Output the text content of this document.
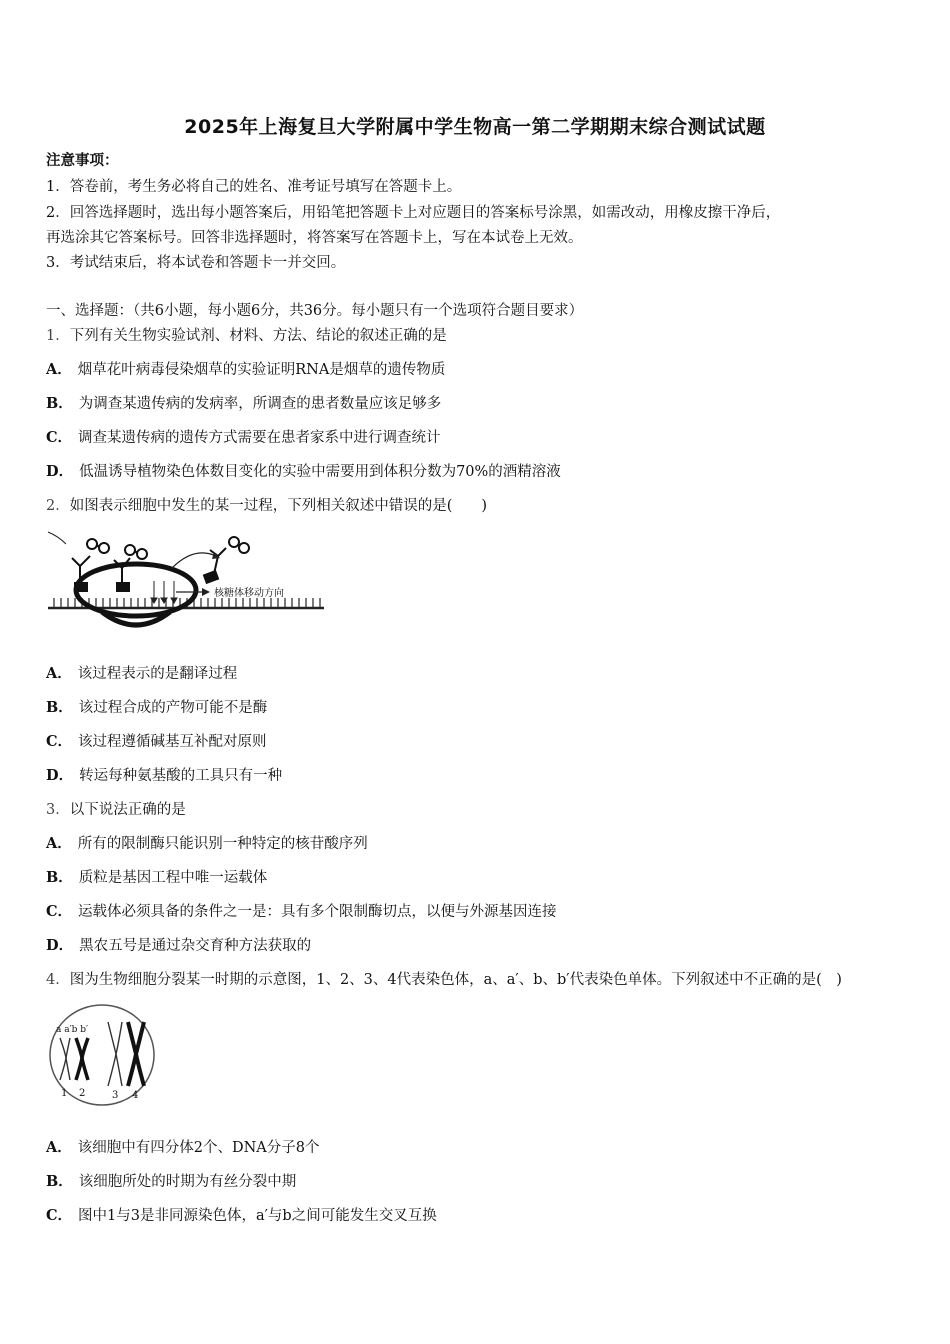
2025年上海复旦大学附属中学生物高一第二学期期末综合测试试题
注意事项：
1．答卷前，考生务必将自己的姓名、准考证号填写在答题卡上。
2．回答选择题时，选出每小题答案后，用铅笔把答题卡上对应题目的答案标号涂黑，如需改动，用橡皮擦干净后，
再选涂其它答案标号。回答非选择题时，将答案写在答题卡上，写在本试卷上无效。
3．考试结束后，将本试卷和答题卡一并交回。
一、选择题：（共6小题，每小题6分，共36分。每小题只有一个选项符合题目要求）
1．下列有关生物实验试剂、材料、方法、结论的叙述正确的是
A． 烟草花叶病毒侵染烟草的实验证明RNA是烟草的遗传物质
B． 为调查某遗传病的发病率，所调查的患者数量应该足够多
C． 调查某遗传病的遗传方式需要在患者家系中进行调查统计
D． 低温诱导植物染色体数目变化的实验中需要用到体积分数为70%的酒精溶液
2．如图表示细胞中发生的某一过程，下列相关叙述中错误的是(　　)
核糖体移动方向
A． 该过程表示的是翻译过程
B． 该过程合成的产物可能不是酶
C． 该过程遵循碱基互补配对原则
D． 转运每种氨基酸的工具只有一种
3．以下说法正确的是
A． 所有的限制酶只能识别一种特定的核苷酸序列
B． 质粒是基因工程中唯一运载体
C． 运载体必须具备的条件之一是：具有多个限制酶切点，以便与外源基因连接
D． 黑农五号是通过杂交育种方法获取的
4．图为生物细胞分裂某一时期的示意图，1、2、3、4代表染色体，a、a′、b、b′代表染色单体。下列叙述中不正确的是(　)
a a′b b′
1 2	3 4
A． 该细胞中有四分体2个、DNA分子8个
B． 该细胞所处的时期为有丝分裂中期
C． 图中1与3是非同源染色体，a′与b之间可能发生交叉互换
